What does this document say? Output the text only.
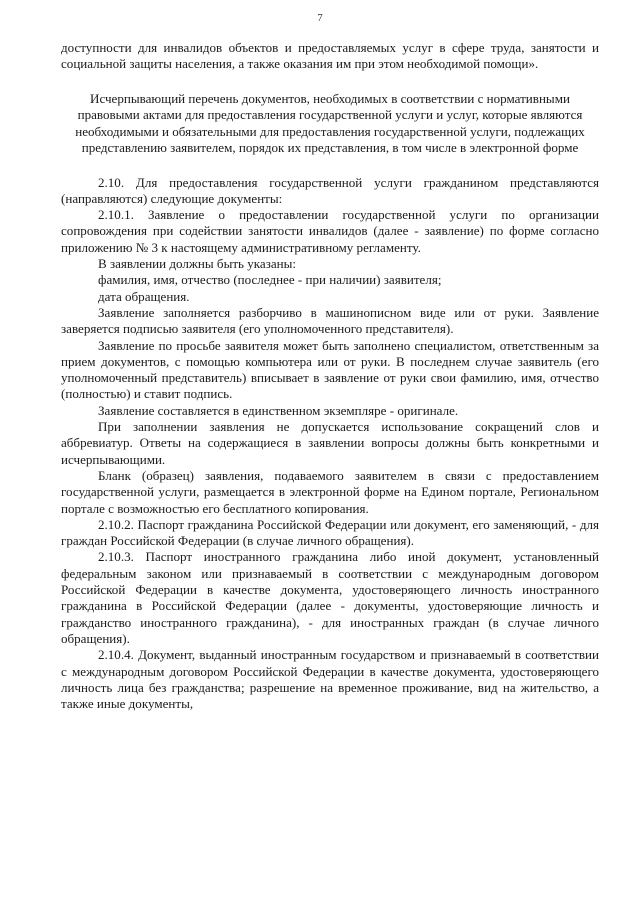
7

доступности для инвалидов объектов и предоставляемых услуг в сфере труда, занятости и социальной защиты населения, а также оказания им при этом необходимой помощи».

Исчерпывающий перечень документов, необходимых в соответствии с нормативными правовыми актами для предоставления государственной услуги и услуг, которые являются необходимыми и обязательными для предоставления государственной услуги, подлежащих представлению заявителем, порядок их представления, в том числе в электронной форме

2.10. Для предоставления государственной услуги гражданином представляются (направляются) следующие документы:

2.10.1. Заявление о предоставлении государственной услуги по организации сопровождения при содействии занятости инвалидов (далее - заявление) по форме согласно приложению № 3 к настоящему административному регламенту.

В заявлении должны быть указаны:

фамилия, имя, отчество (последнее - при наличии) заявителя;

дата обращения.

Заявление заполняется разборчиво в машинописном виде или от руки. Заявление заверяется подписью заявителя (его уполномоченного представителя).

Заявление по просьбе заявителя может быть заполнено специалистом, ответственным за прием документов, с помощью компьютера или от руки. В последнем случае заявитель (его уполномоченный представитель) вписывает в заявление от руки свои фамилию, имя, отчество (полностью) и ставит подпись.

Заявление составляется в единственном экземпляре - оригинале.

При заполнении заявления не допускается использование сокращений слов и аббревиатур. Ответы на содержащиеся в заявлении вопросы должны быть конкретными и исчерпывающими.

Бланк (образец) заявления, подаваемого заявителем в связи с предоставлением государственной услуги, размещается в электронной форме на Едином портале, Региональном портале с возможностью его бесплатного копирования.

2.10.2. Паспорт гражданина Российской Федерации или документ, его заменяющий, - для граждан Российской Федерации (в случае личного обращения).

2.10.3. Паспорт иностранного гражданина либо иной документ, установленный федеральным законом или признаваемый в соответствии с международным договором Российской Федерации в качестве документа, удостоверяющего личность иностранного гражданина в Российской Федерации (далее - документы, удостоверяющие личность и гражданство иностранного гражданина), - для иностранных граждан (в случае личного обращения).

2.10.4. Документ, выданный иностранным государством и признаваемый в соответствии с международным договором Российской Федерации в качестве документа, удостоверяющего личность лица без гражданства; разрешение на временное проживание, вид на жительство, а также иные документы,
